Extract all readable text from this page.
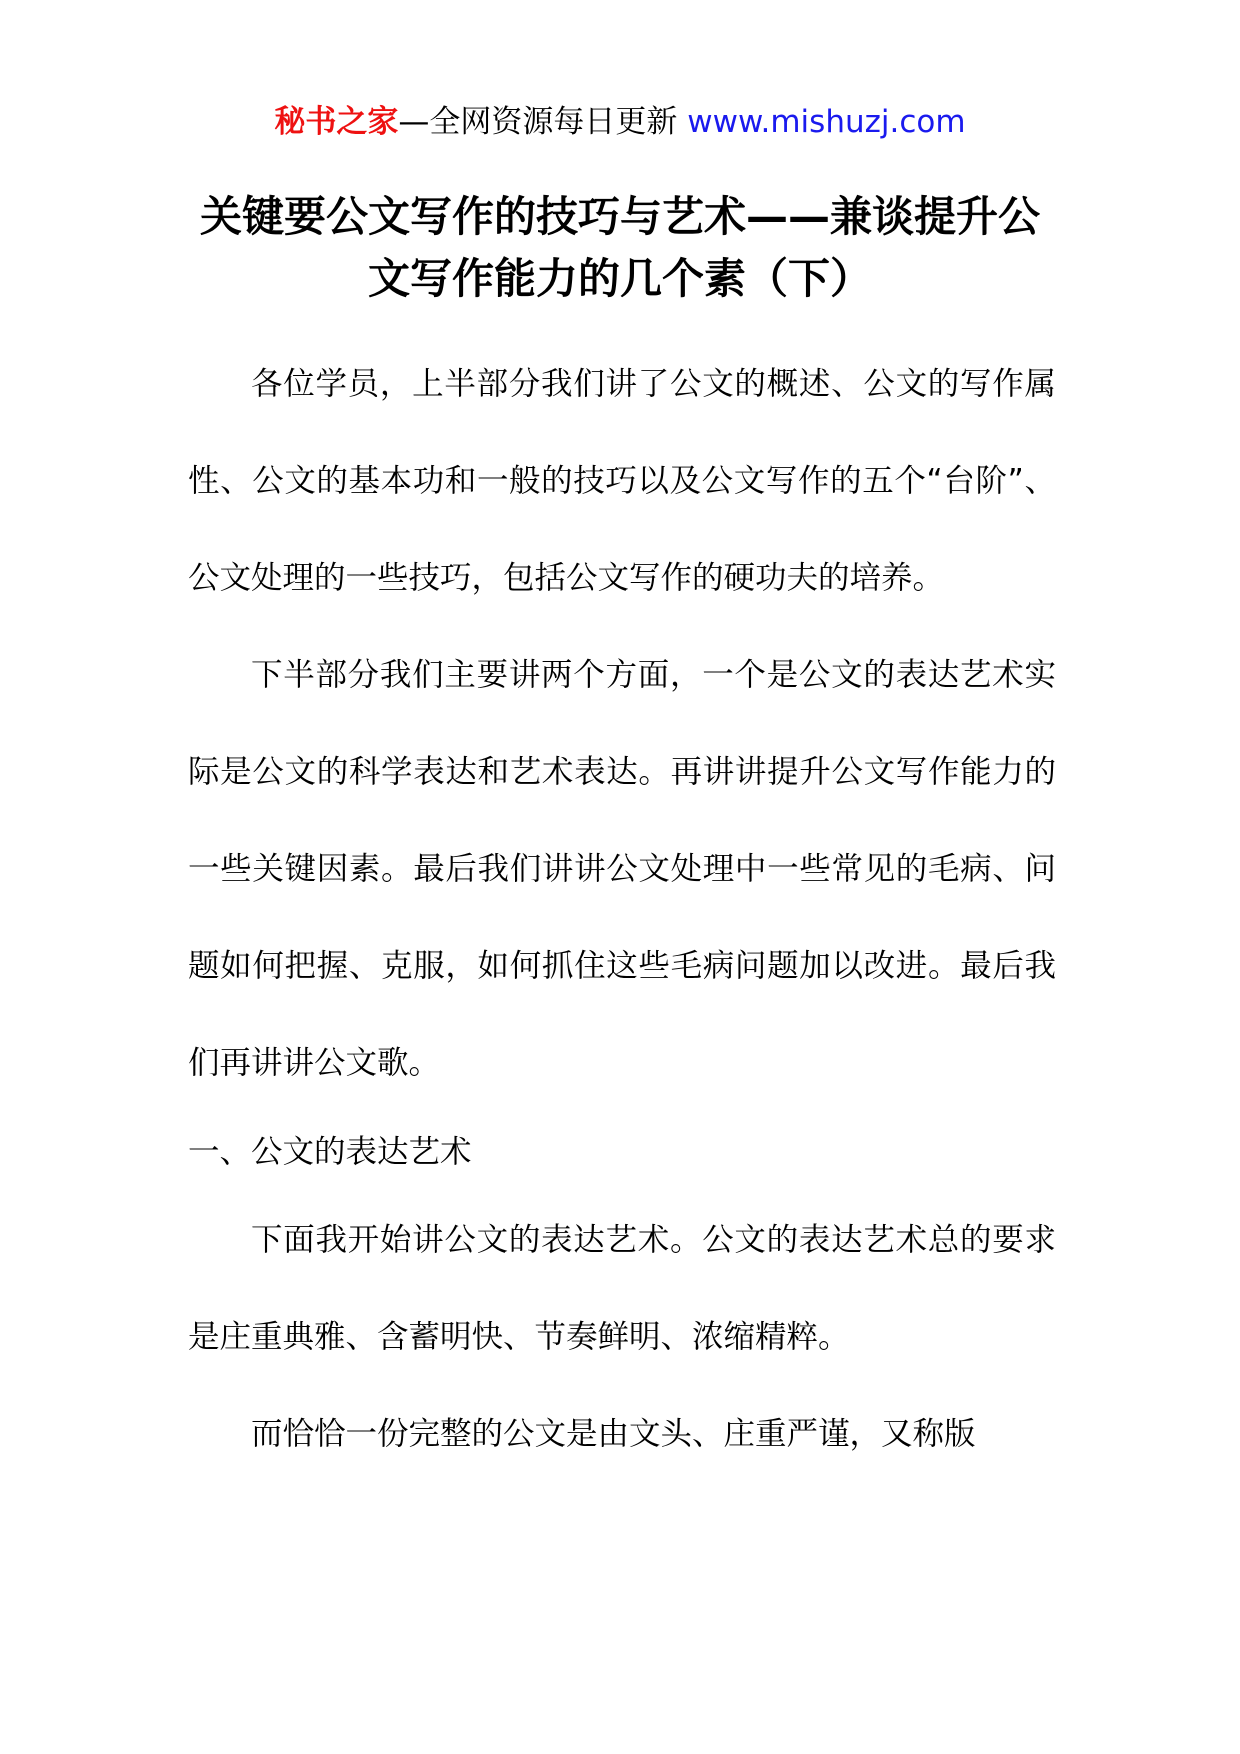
秘书之家—全网资源每日更新 www.mishuzj.com
关键要公文写作的技巧与艺术——兼谈提升公文写作能力的几个素（下）

各位学员，上半部分我们讲了公文的概述、公文的写作属性、公文的基本功和一般的技巧以及公文写作的五个“台阶”、公文处理的一些技巧，包括公文写作的硬功夫的培养。

下半部分我们主要讲两个方面，一个是公文的表达艺术实际是公文的科学表达和艺术表达。再讲讲提升公文写作能力的一些关键因素。最后我们讲讲公文处理中一些常见的毛病、问题如何把握、克服，如何抓住这些毛病问题加以改进。最后我们再讲讲公文歌。

一、公文的表达艺术

下面我开始讲公文的表达艺术。公文的表达艺术总的要求是庄重典雅、含蓄明快、节奏鲜明、浓缩精粹。

而恰恰一份完整的公文是由文头、庄重严谨，又称版
